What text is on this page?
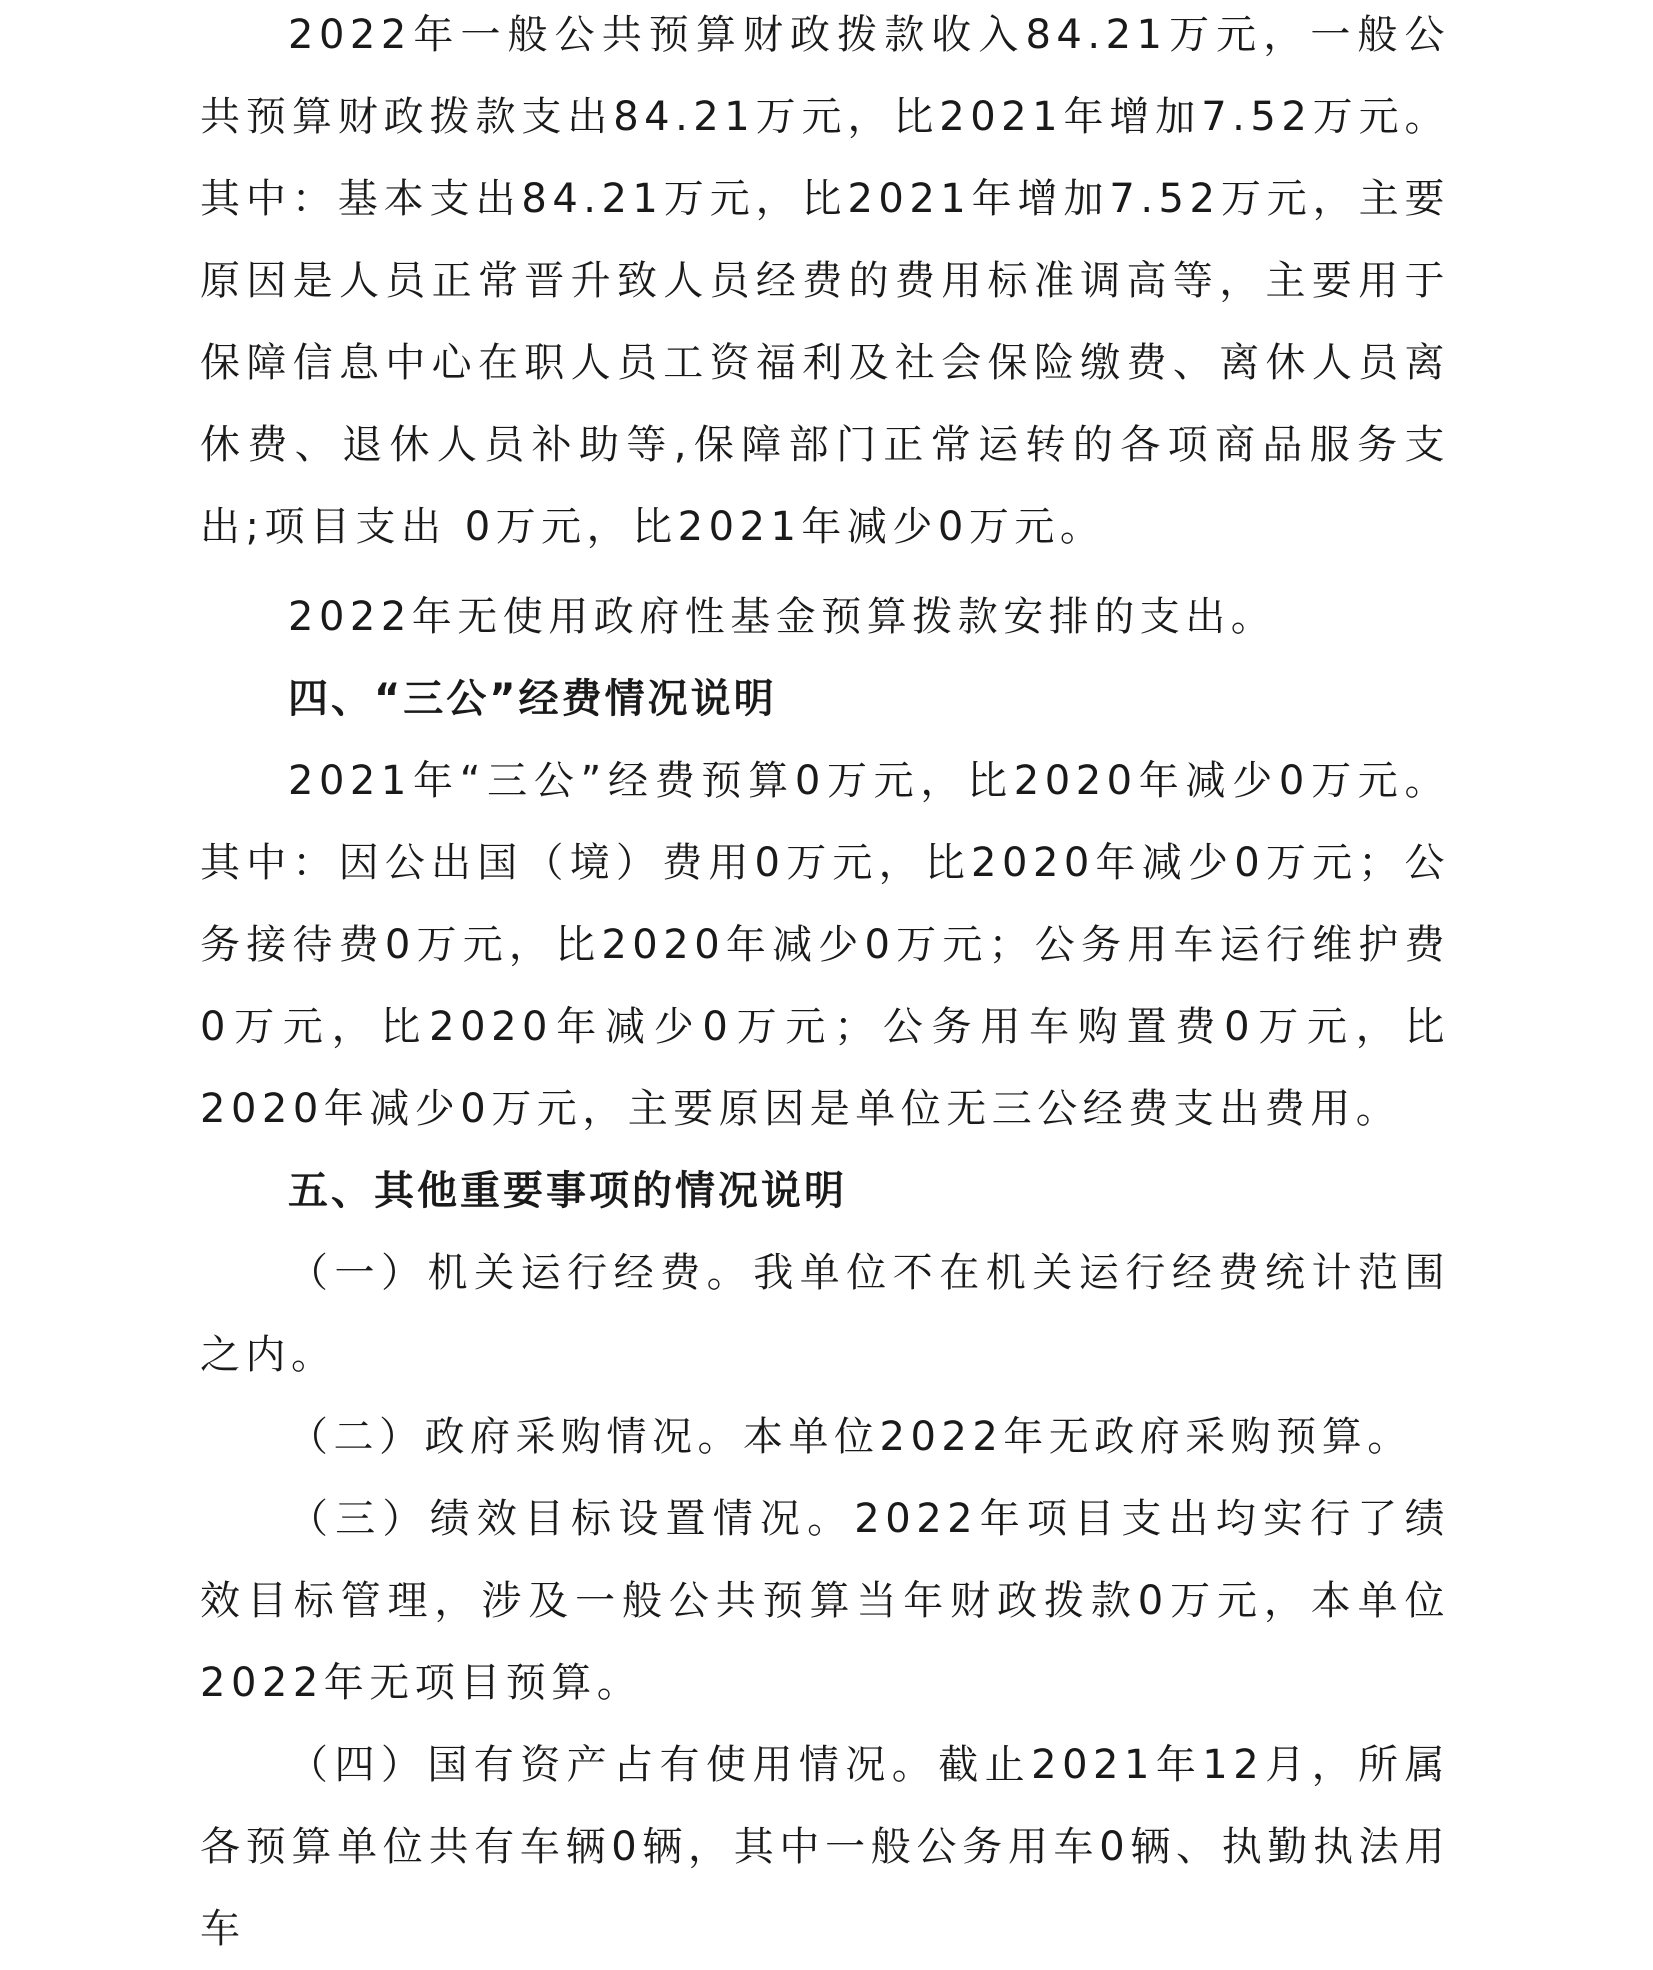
2022年一般公共预算财政拨款收入84.21万元，一般公共预算财政拨款支出84.21万元，比2021年增加7.52万元。其中：基本支出84.21万元，比2021年增加7.52万元，主要原因是人员正常晋升致人员经费的费用标准调高等，主要用于保障信息中心在职人员工资福利及社会保险缴费、离休人员离休费、退休人员补助等,保障部门正常运转的各项商品服务支出;项目支出 0万元，比2021年减少0万元。

2022年无使用政府性基金预算拨款安排的支出。

四、“三公”经费情况说明

2021年“三公”经费预算0万元，比2020年减少0万元。其中：因公出国（境）费用0万元，比2020年减少0万元；公务接待费0万元，比2020年减少0万元；公务用车运行维护费0万元，比2020年减少0万元；公务用车购置费0万元，比2020年减少0万元，主要原因是单位无三公经费支出费用。

五、其他重要事项的情况说明

（一）机关运行经费。我单位不在机关运行经费统计范围之内。

（二）政府采购情况。本单位2022年无政府采购预算。

（三）绩效目标设置情况。2022年项目支出均实行了绩效目标管理，涉及一般公共预算当年财政拨款0万元，本单位2022年无项目预算。

（四）国有资产占有使用情况。截止2021年12月，所属各预算单位共有车辆0辆，其中一般公务用车0辆、执勤执法用车
